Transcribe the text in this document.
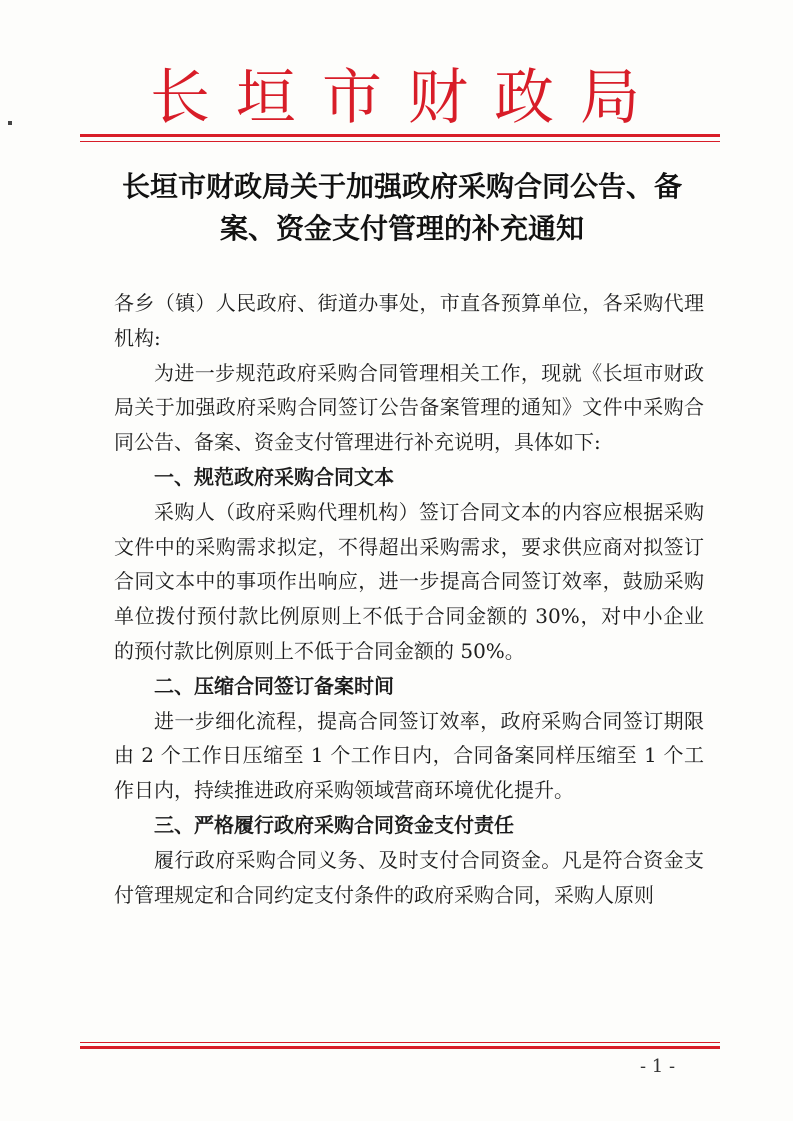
长垣市财政局
长垣市财政局关于加强政府采购合同公告、备
案、资金支付管理的补充通知

各乡（镇）人民政府、街道办事处，市直各预算单位，各采购代理机构:

为进一步规范政府采购合同管理相关工作，现就《长垣市财政局关于加强政府采购合同签订公告备案管理的通知》文件中采购合同公告、备案、资金支付管理进行补充说明，具体如下:

一、规范政府采购合同文本

采购人（政府采购代理机构）签订合同文本的内容应根据采购文件中的采购需求拟定，不得超出采购需求，要求供应商对拟签订合同文本中的事项作出响应，进一步提高合同签订效率，鼓励采购单位拨付预付款比例原则上不低于合同金额的 30%，对中小企业的预付款比例原则上不低于合同金额的 50%。

二、压缩合同签订备案时间

进一步细化流程，提高合同签订效率，政府采购合同签订期限由 2 个工作日压缩至 1 个工作日内，合同备案同样压缩至 1 个工作日内，持续推进政府采购领域营商环境优化提升。

三、严格履行政府采购合同资金支付责任

履行政府采购合同义务、及时支付合同资金。凡是符合资金支付管理规定和合同约定支付条件的政府采购合同，采购人原则

- 1 -
